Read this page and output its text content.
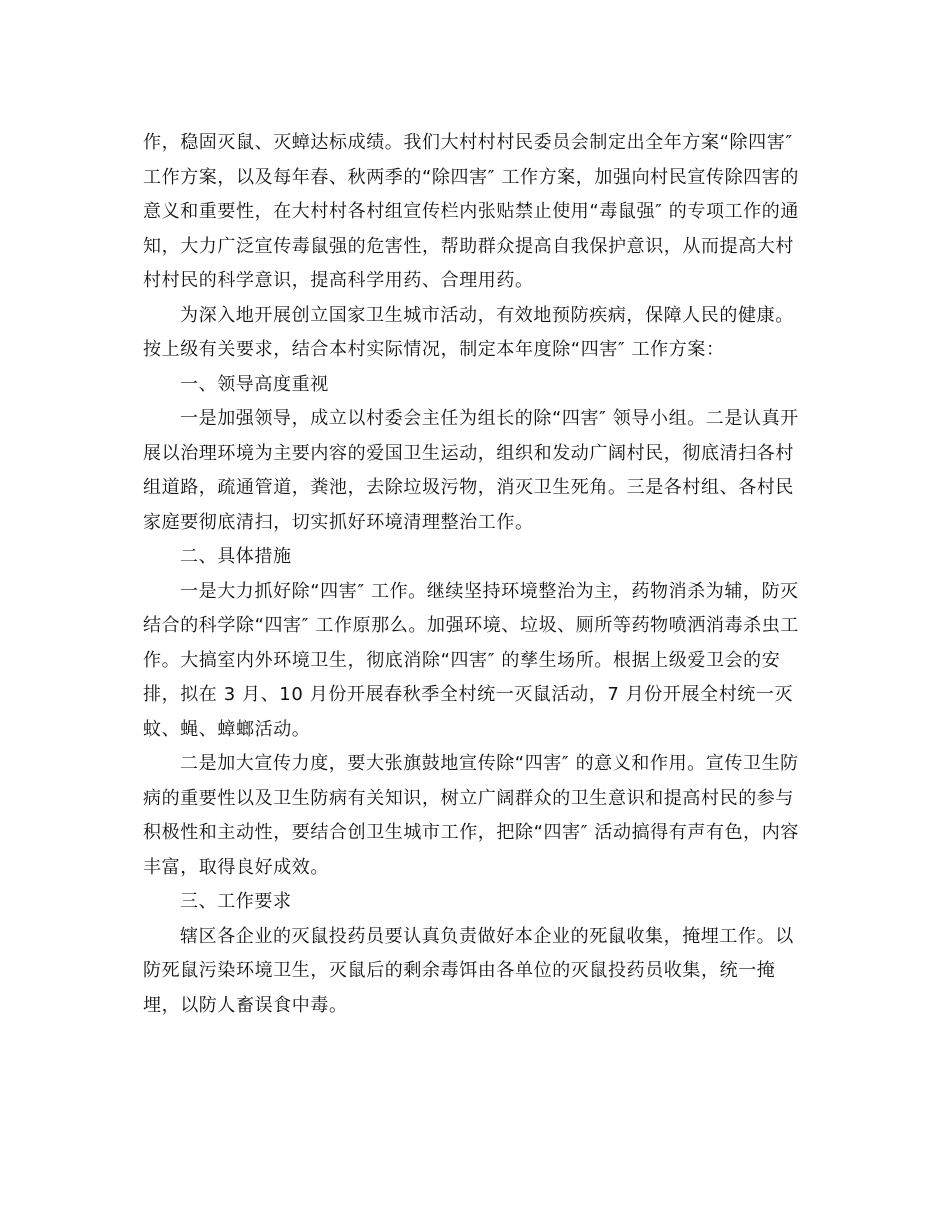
作，稳固灭鼠、灭蟑达标成绩。我们大村村村民委员会制定出全年方案“除四害″
工作方案，以及每年春、秋两季的“除四害″ 工作方案，加强向村民宣传除四害的
意义和重要性，在大村村各村组宣传栏内张贴禁止使用“毒鼠强″ 的专项工作的通
知，大力广泛宣传毒鼠强的危害性，帮助群众提高自我保护意识，从而提高大村
村村民的科学意识，提高科学用药、合理用药。
为深入地开展创立国家卫生城市活动，有效地预防疾病，保障人民的健康。
按上级有关要求，结合本村实际情况，制定本年度除“四害″ 工作方案：
一、领导高度重视
一是加强领导，成立以村委会主任为组长的除“四害″ 领导小组。二是认真开
展以治理环境为主要内容的爱国卫生运动，组织和发动广阔村民，彻底清扫各村
组道路，疏通管道，粪池，去除垃圾污物，消灭卫生死角。三是各村组、各村民
家庭要彻底清扫，切实抓好环境清理整治工作。
二、具体措施
一是大力抓好除“四害″ 工作。继续坚持环境整治为主，药物消杀为辅，防灭
结合的科学除“四害″ 工作原那么。加强环境、垃圾、厕所等药物喷洒消毒杀虫工
作。大搞室内外环境卫生，彻底消除“四害″ 的孳生场所。根据上级爱卫会的安
排，拟在 3 月、10 月份开展春秋季全村统一灭鼠活动，7 月份开展全村统一灭
蚊、蝇、蟑螂活动。
二是加大宣传力度，要大张旗鼓地宣传除“四害″ 的意义和作用。宣传卫生防
病的重要性以及卫生防病有关知识，树立广阔群众的卫生意识和提高村民的参与
积极性和主动性，要结合创卫生城市工作，把除“四害″ 活动搞得有声有色，内容
丰富，取得良好成效。
三、工作要求
辖区各企业的灭鼠投药员要认真负责做好本企业的死鼠收集，掩埋工作。以
防死鼠污染环境卫生，灭鼠后的剩余毒饵由各单位的灭鼠投药员收集，统一掩
埋，以防人畜误食中毒。
